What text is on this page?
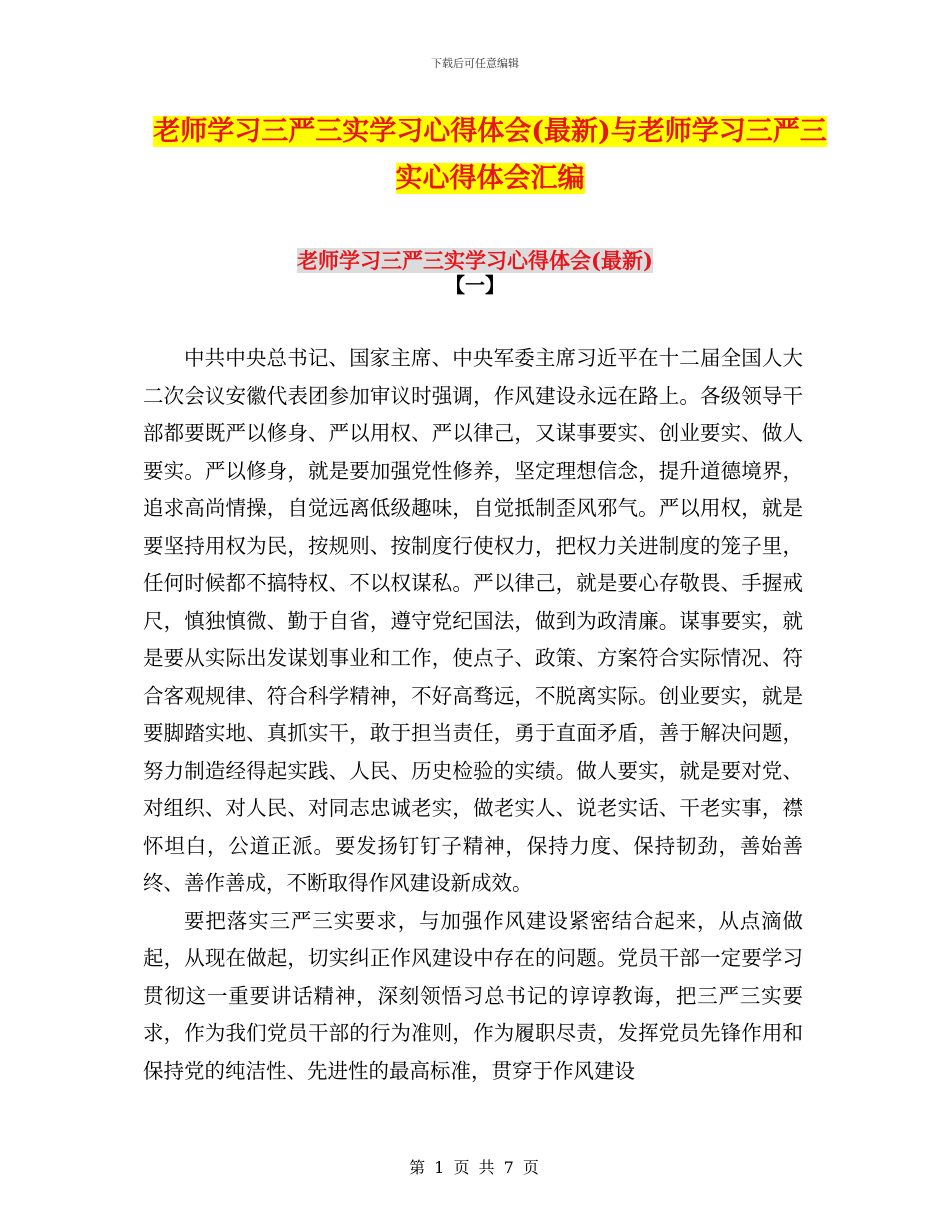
下载后可任意编辑
老师学习三严三实学习心得体会(最新)与老师学习三严三实心得体会汇编
老师学习三严三实学习心得体会(最新)
【一】

中共中央总书记、国家主席、中央军委主席习近平在十二届全国人大二次会议安徽代表团参加审议时强调，作风建设永远在路上。各级领导干部都要既严以修身、严以用权、严以律己，又谋事要实、创业要实、做人要实。严以修身，就是要加强党性修养，坚定理想信念，提升道德境界，追求高尚情操，自觉远离低级趣味，自觉抵制歪风邪气。严以用权，就是要坚持用权为民，按规则、按制度行使权力，把权力关进制度的笼子里，任何时候都不搞特权、不以权谋私。严以律己，就是要心存敬畏、手握戒尺，慎独慎微、勤于自省，遵守党纪国法，做到为政清廉。谋事要实，就是要从实际出发谋划事业和工作，使点子、政策、方案符合实际情况、符合客观规律、符合科学精神，不好高骛远，不脱离实际。创业要实，就是要脚踏实地、真抓实干，敢于担当责任，勇于直面矛盾，善于解决问题，努力制造经得起实践、人民、历史检验的实绩。做人要实，就是要对党、对组织、对人民、对同志忠诚老实，做老实人、说老实话、干老实事，襟怀坦白，公道正派。要发扬钉钉子精神，保持力度、保持韧劲，善始善终、善作善成，不断取得作风建设新成效。

要把落实三严三实要求，与加强作风建设紧密结合起来，从点滴做起，从现在做起，切实纠正作风建设中存在的问题。党员干部一定要学习贯彻这一重要讲话精神，深刻领悟习总书记的谆谆教诲，把三严三实要求，作为我们党员干部的行为准则，作为履职尽责，发挥党员先锋作用和保持党的纯洁性、先进性的最高标准，贯穿于作风建设

第 1 页 共 7 页
